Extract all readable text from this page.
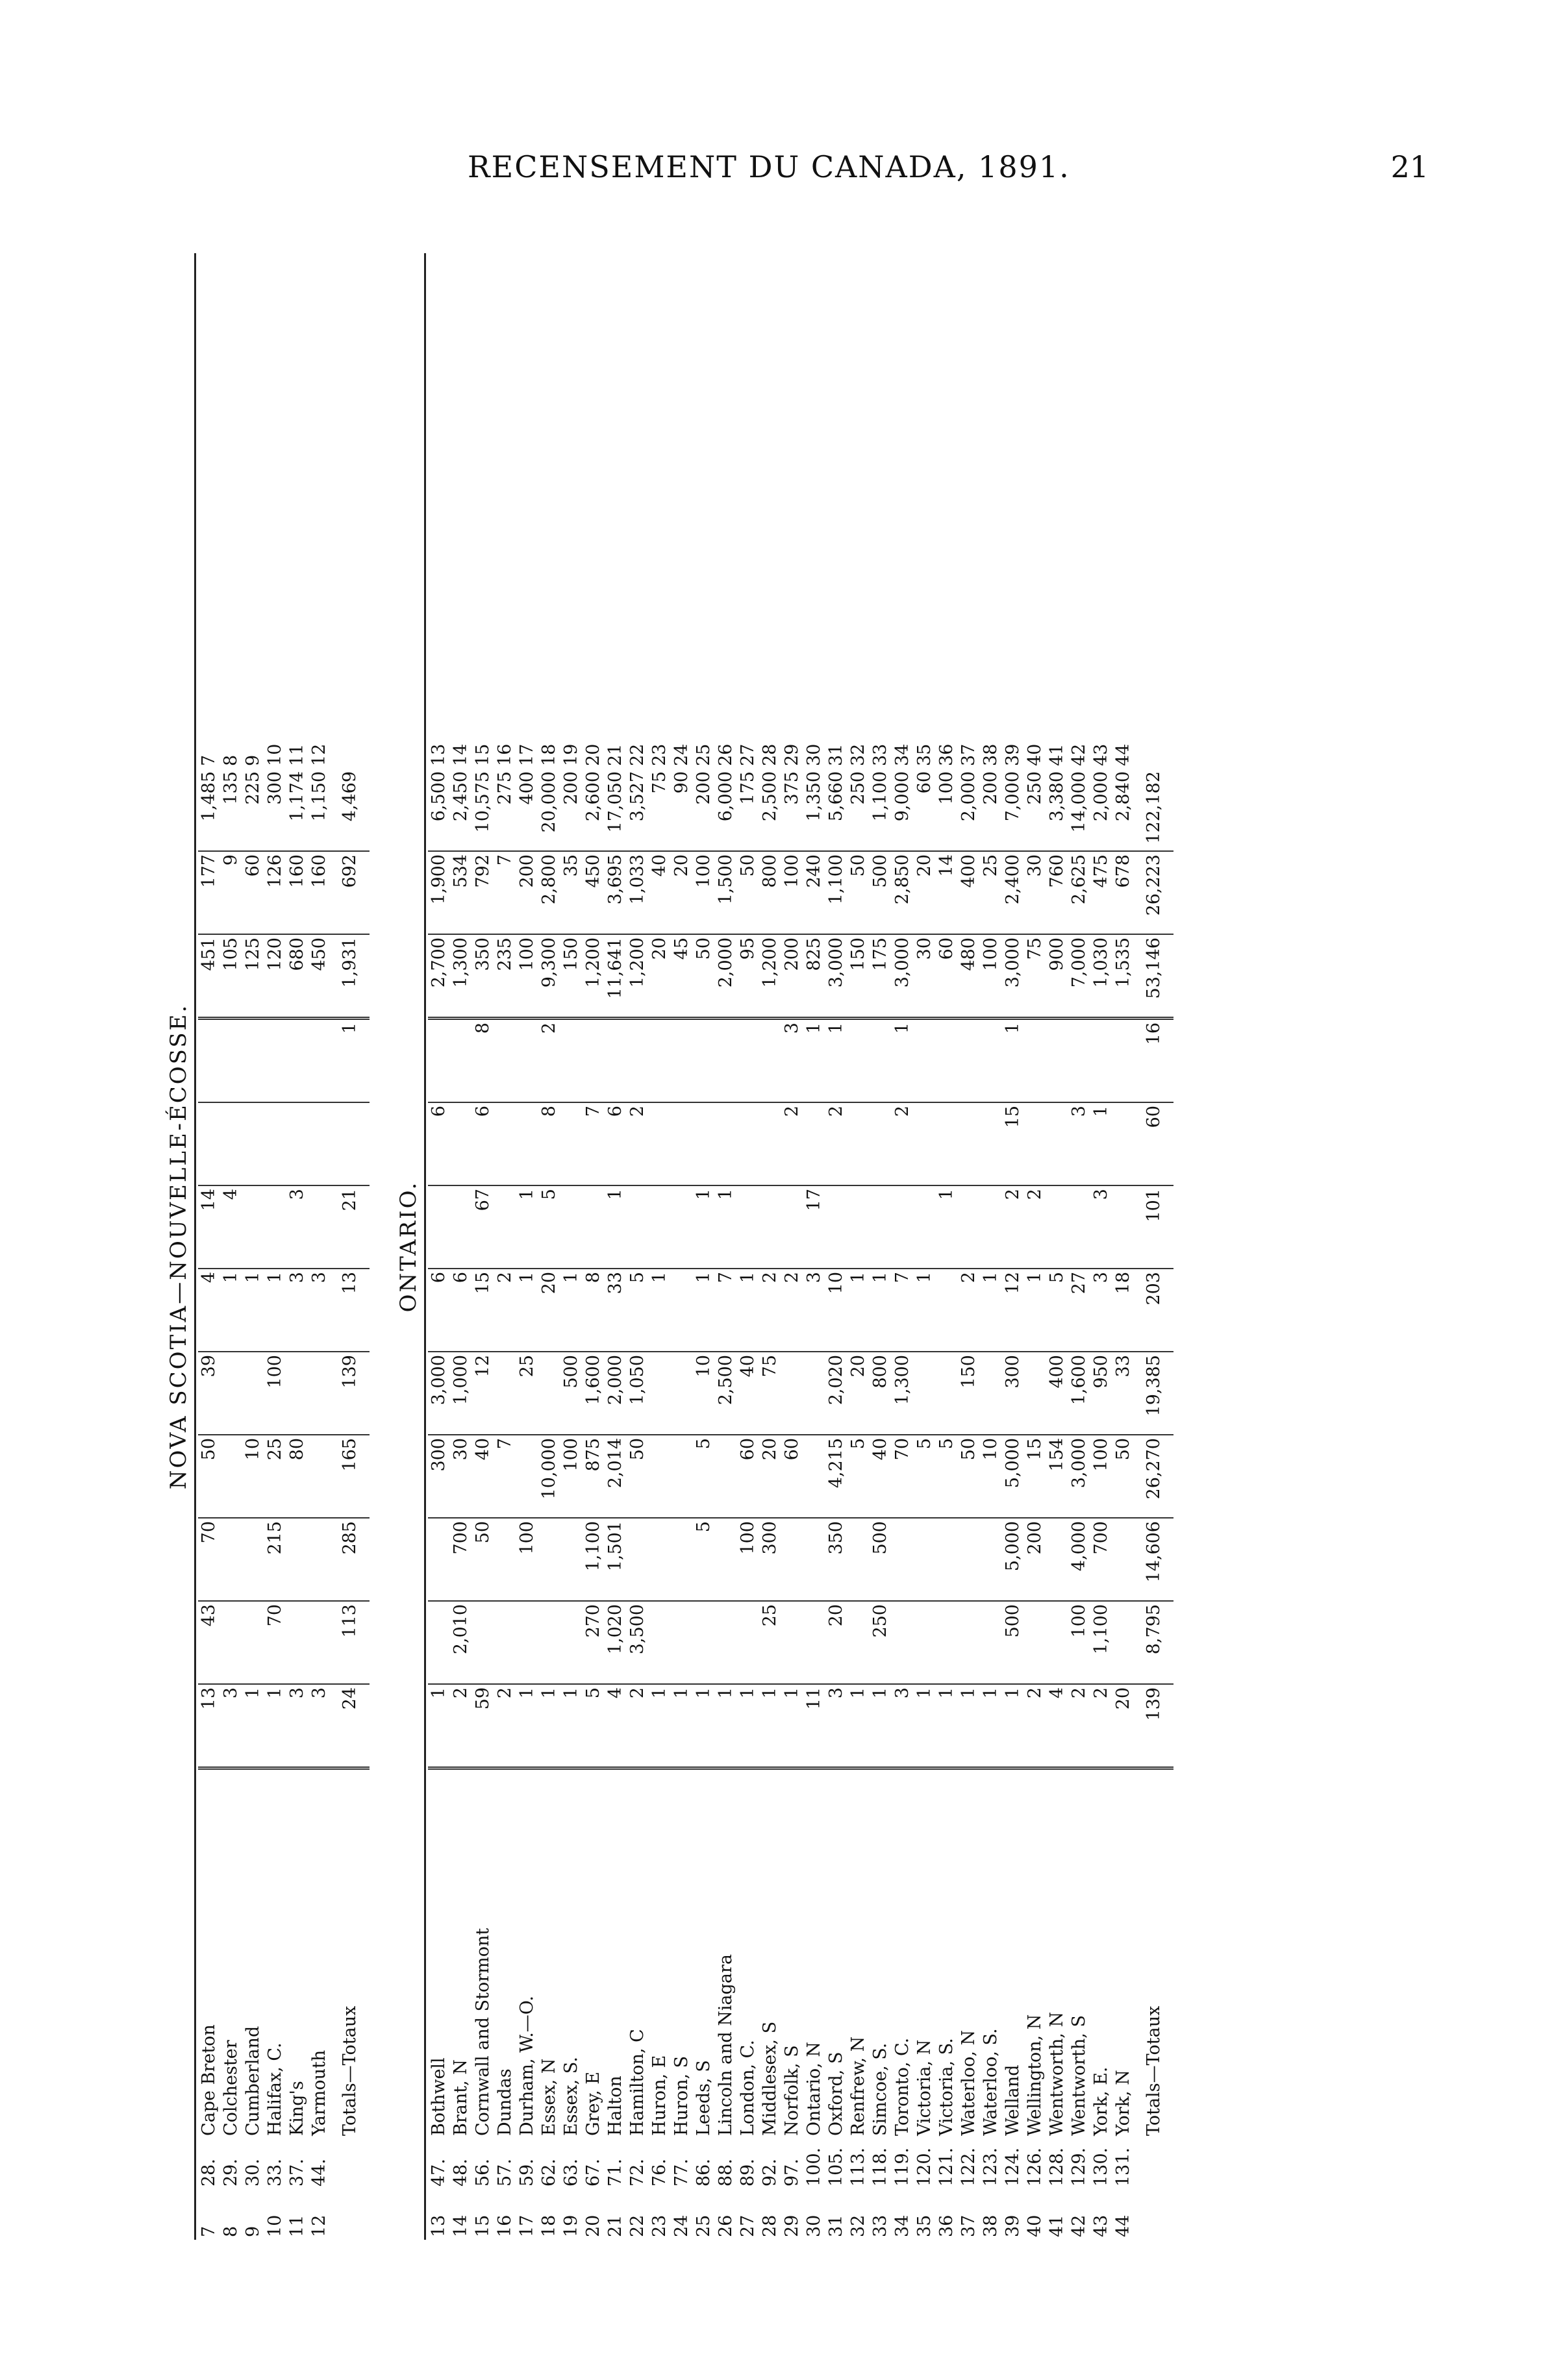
RECENSEMENT DU CANADA, 1891.	21
NOVA SCOTIA—NOUVELLE-ÉCOSSE.
7	28.	Cape Breton	13	43	70	50	39	4	14			451	177	1,485	7
8	29.	Colchester	3					1	4			105	9	135	8
9	30.	Cumberland	1			10		1				125	60	225	9
10	33.	Halifax, C.	1	70	215	25	100	1				120	126	300	10
11	37.	King's	3			80		3	3			680	160	1,174	11
12	44.	Yarmouth	3					3				450	160	1,150	12
		Totals—Totaux	24	113	285	165	139	13	21		1	1,931	692	4,469	
ONTARIO.
13	47.	Bothwell	1			300	3,000	6		6		2,700	1,900	6,500	13
14	48.	Brant, N	2	2,010	700	30	1,000	6				1,300	534	2,450	14
15	56.	Cornwall and Stormont	59		50	40	12	15	67	6	8	350	792	10,575	15
16	57.	Dundas	2			7		2				235	7	275	16
17	59.	Durham, W.—O.	1		100		25	1	1			100	200	400	17
18	62.	Essex, N	1			10,000		20	5	8	2	9,300	2,800	20,000	18
19	63.	Essex, S.	1			100	500	1				150	35	200	19
20	67.	Grey, E	5	270	1,100	875	1,600	8		7		1,200	450	2,600	20
21	71.	Halton	4	1,020	1,501	2,014	2,000	33	1	6		11,641	3,695	17,050	21
22	72.	Hamilton, C	2	3,500		50	1,050	5		2		1,200	1,033	3,527	22
23	76.	Huron, E	1					1				20	40	75	23
24	77.	Huron, S	1									45	20	90	24
25	86.	Leeds, S	1		5	5	10	1	1			50	100	200	25
26	88.	Lincoln and Niagara	1				2,500	7	1			2,000	1,500	6,000	26
27	89.	London, C.	1		100	60	40	1				95	50	175	27
28	92.	Middlesex, S	1	25	300	20	75	2				1,200	800	2,500	28
29	97.	Norfolk, S	1			60		2		2	3	200	100	375	29
30	100.	Ontario, N	11					3	17		1	825	240	1,350	30
31	105.	Oxford, S	3	20	350	4,215	2,020	10		2	1	3,000	1,100	5,660	31
32	113.	Renfrew, N	1			5	20	1				150	50	250	32
33	118.	Simcoe, S.	1	250	500	40	800	1				175	500	1,100	33
34	119.	Toronto, C.	3			70	1,300	7		2	1	3,000	2,850	9,000	34
35	120.	Victoria, N	1			5		1				30	20	60	35
36	121.	Victoria, S.	1			5			1			60	14	100	36
37	122.	Waterloo, N	1			50	150	2				480	400	2,000	37
38	123.	Waterloo, S.	1			10		1				100	25	200	38
39	124.	Welland	1	500	5,000	5,000	300	12	2	15	1	3,000	2,400	7,000	39
40	126.	Wellington, N	2		200	15		1	2			75	30	250	40
41	128.	Wentworth, N	4			154	400	5				900	760	3,380	41
42	129.	Wentworth, S	2	100	4,000	3,000	1,600	27		3		7,000	2,625	14,000	42
43	130.	York, E.	2	1,100	700	100	950	3	3	1		1,030	475	2,000	43
44	131.	York, N	20			50	33	18				1,535	678	2,840	44
		Totals—Totaux	139	8,795	14,606	26,270	19,385	203	101	60	16	53,146	26,223	122,182	
